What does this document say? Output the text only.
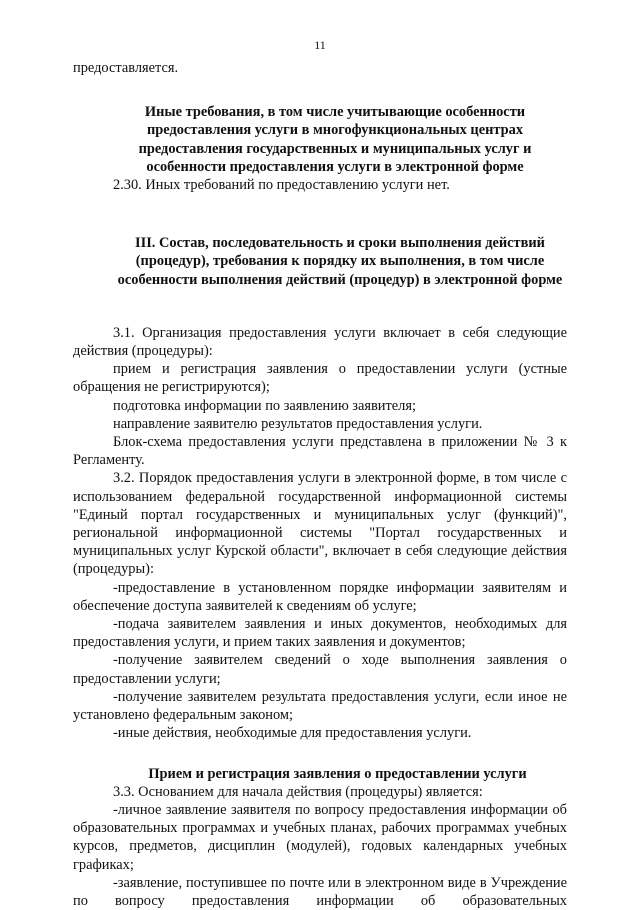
11

предоставляется.

Иные требования, в том числе учитывающие особенности предоставления услуги в многофункциональных центрах предоставления государственных и муниципальных услуг и особенности предоставления услуги в электронной форме

2.30. Иных требований по предоставлению услуги нет.

III. Состав, последовательность и сроки выполнения действий (процедур), требования к порядку их выполнения, в том числе особенности выполнения действий (процедур) в электронной форме

3.1. Организация предоставления услуги включает в себя следующие действия (процедуры):

прием и регистрация заявления о предоставлении услуги (устные обращения не регистрируются);

подготовка информации по заявлению заявителя;

направление заявителю результатов предоставления услуги.

Блок-схема предоставления услуги представлена в приложении № 3 к Регламенту.

3.2. Порядок предоставления услуги в электронной форме, в том числе с использованием федеральной государственной информационной системы "Единый портал государственных и муниципальных услуг (функций)", региональной информационной системы "Портал государственных и муниципальных услуг Курской области", включает в себя следующие действия (процедуры):

-предоставление в установленном порядке информации заявителям и обеспечение доступа заявителей к сведениям об услуге;

-подача заявителем заявления и иных документов, необходимых для предоставления услуги, и прием таких заявления и документов;

-получение заявителем сведений о ходе выполнения заявления о предоставлении услуги;

-получение заявителем результата предоставления услуги, если иное не установлено федеральным законом;

-иные действия, необходимые для предоставления услуги.

Прием и регистрация заявления о предоставлении услуги

3.3. Основанием для начала действия (процедуры) является:

-личное заявление заявителя по вопросу предоставления информации об образовательных программах и учебных планах, рабочих программах учебных курсов, предметов, дисциплин (модулей), годовых календарных учебных графиках;

-заявление, поступившее по почте или в электронном виде в Учреждение по вопросу предоставления информации об образовательных
